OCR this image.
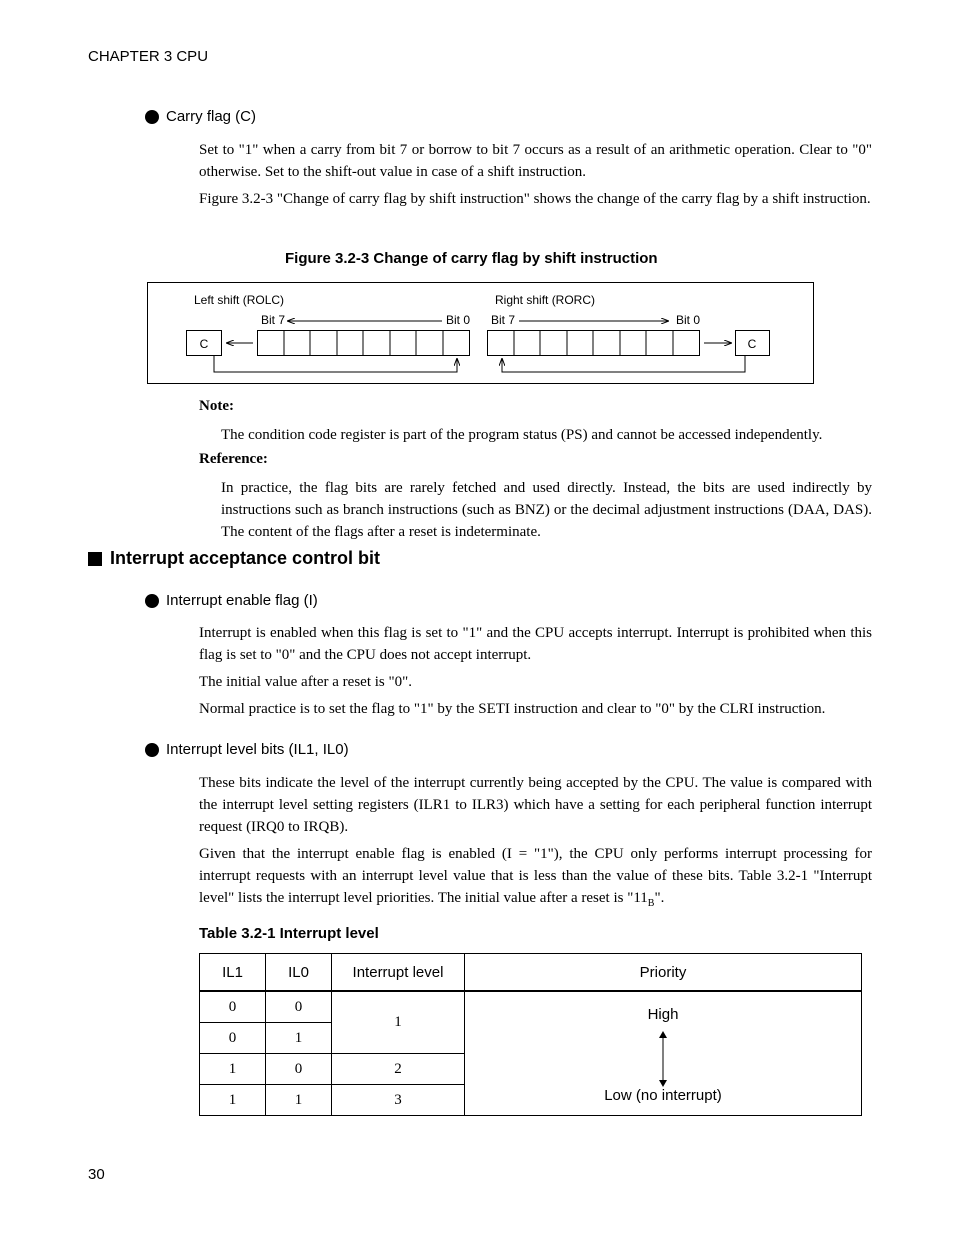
CHAPTER 3 CPU
Carry flag (C)

Set to "1" when a carry from bit 7 or borrow to bit 7 occurs as a result of an arithmetic operation. Clear to "0" otherwise. Set to the shift-out value in case of a shift instruction.

Figure 3.2-3 "Change of carry flag by shift instruction" shows the change of the carry flag by a shift instruction.

Figure 3.2-3 Change of carry flag by shift instruction
Left shift (ROLC)
Bit 7	Bit 0
C
Right shift (RORC)
Bit 7	Bit 0
C
Note:
The condition code register is part of the program status (PS) and cannot be accessed independently.
Reference:
In practice, the flag bits are rarely fetched and used directly. Instead, the bits are used indirectly by instructions such as branch instructions (such as BNZ) or the decimal adjustment instructions (DAA, DAS). The content of the flags after a reset is indeterminate.
Interrupt acceptance control bit
Interrupt enable flag (I)

Interrupt is enabled when this flag is set to "1" and the CPU accepts interrupt. Interrupt is prohibited when this flag is set to "0" and the CPU does not accept interrupt.

The initial value after a reset is "0".

Normal practice is to set the flag to "1" by the SETI instruction and clear to "0" by the CLRI instruction.

Interrupt level bits (IL1, IL0)

These bits indicate the level of the interrupt currently being accepted by the CPU. The value is compared with the interrupt level setting registers (ILR1 to ILR3) which have a setting for each peripheral function interrupt request (IRQ0 to IRQB).

Given that the interrupt enable flag is enabled (I = "1"), the CPU only performs interrupt processing for interrupt requests with an interrupt level value that is less than the value of these bits. Table 3.2-1 "Interrupt level" lists the interrupt level priorities. The initial value after a reset is "$11_B$".

Table 3.2-1 Interrupt level
IL1	IL0	Interrupt level	Priority
0	0	1	High
Low (no interrupt)

0	1		
1	0	2	
1	1	3	
30
